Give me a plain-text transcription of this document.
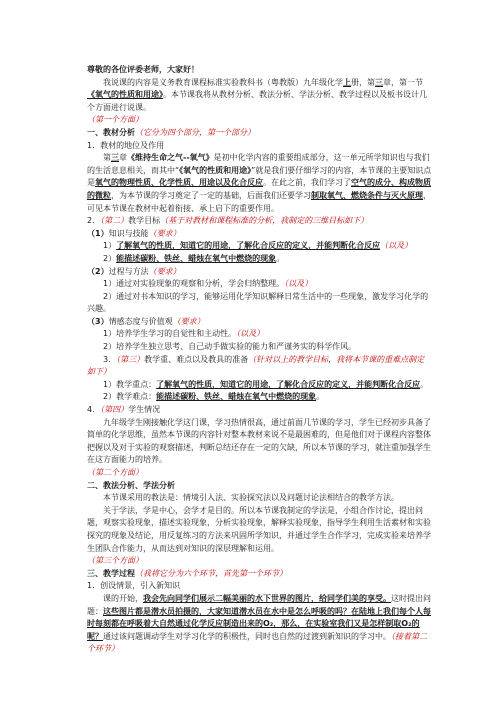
尊敬的各位评委老师，大家好！

我说课的内容是义务教育课程标准实验教科书（粤教版）九年级化学上册，第三章，第一节《氧气的性质和用途》。本节课我将从教材分析、教法分析、学法分析、教学过程以及板书设计几个方面进行说课。

（第一个方面）

一、教材分析（它分为四个部分，第一个部分）

1．教材的地位及作用

第三章《维持生命之气--氧气》是初中化学内容的重要组成部分，这一单元所学知识也与我们的生活息息相关，而其中“《氧气的性质和用途》”就是我们要仔细学习的内容，本节课的主要知识点是氧气的物理性质、化学性质、用途以及化合反应。在此之前，我们学习了空气的成分、构成物质的微粒，为本节课的学习奠定了一定的基础，后面我们还要学习制取氧气、燃烧条件与灭火原理，可见本节课在教材中起着衔接、承上启下的重要作用。

2．（第二）教学目标（基于对教材和课程标准的分析，我制定的三维目标如下）

（1）知识与技能（要求）

1）了解氧气的性质，知道它的用途，了解化合反应的定义，并能判断化合反应（以及）

2）能描述碳粉、铁丝、蜡烛在氧气中燃烧的现象。

（2）过程与方法（要求）

1）通过对实验现象的观察和分析，学会归纳整理。（以及）

2）通过对书本知识的学习，能够运用化学知识解释日常生活中的一些现象，激发学习化学的兴趣。

（3）情感态度与价值观（要求）

1）培养学生学习的自觉性和主动性。（以及）

2）培养学生独立思考、自己动手做实验的能力和严谨务实的科学作风。

3．（第三）教学重、难点以及教具的准备（针对以上的教学目标，我将本节课的重难点制定如下）

1）教学重点：了解氧气的性质，知道它的用途，了解化合反应的定义，并能判断化合反应。

2）教学难点：能描述碳粉、铁丝、蜡烛在氧气中燃烧的现象。

4．（第四）学生情况

九年级学生刚接触化学这门课，学习热情很高，通过前面几节课的学习，学生已经初步具备了简单的化学思维，虽然本节课的内容针对整本教材来说不是最困难的，但是他们对于课程内容整体把握以及对于实验的观察描述，判断总结还存在一定的欠缺，所以本节课的学习，就注重加强学生在这方面能力的培养。

（第二个方面）

二、教法分析、学法分析

本节课采用的教法是：情境引入法、实验探究法以及问题讨论法相结合的教学方法。

关于学法，学是中心，会学才是目的。所以本节课我制定的学法是，小组合作讨论，提出问题，观察实验现象，描述实验现象，分析实验现象，解释实验现象，指导学生利用生活素材和实验探究的现象及结论，用反复练习的方法来巩固所学知识，并通过学生合作学习，完成实验来培养学生团队合作能力，从而达到对知识的深层理解和运用。

（第三个方面）

三、教学过程（我将它分为六个环节，首先第一个环节）

1．创设情景，引入新知识

课的开始，我会先向同学们展示二幅美丽的水下世界的图片，给同学们美的享受。这时提出问题：这些图片都是潜水员拍摄的，大家知道潜水员在水中是怎么呼吸的吗？在陆地上我们每个人每时每刻都在呼吸着大自然通过化学反应制造出来的O₂，那么，在实验室我们又是怎样制取O₂的呢？通过该问题调动学生对学习化学的积极性，同时也自然的过渡到新知识的学习中。（接着第二个环节）
